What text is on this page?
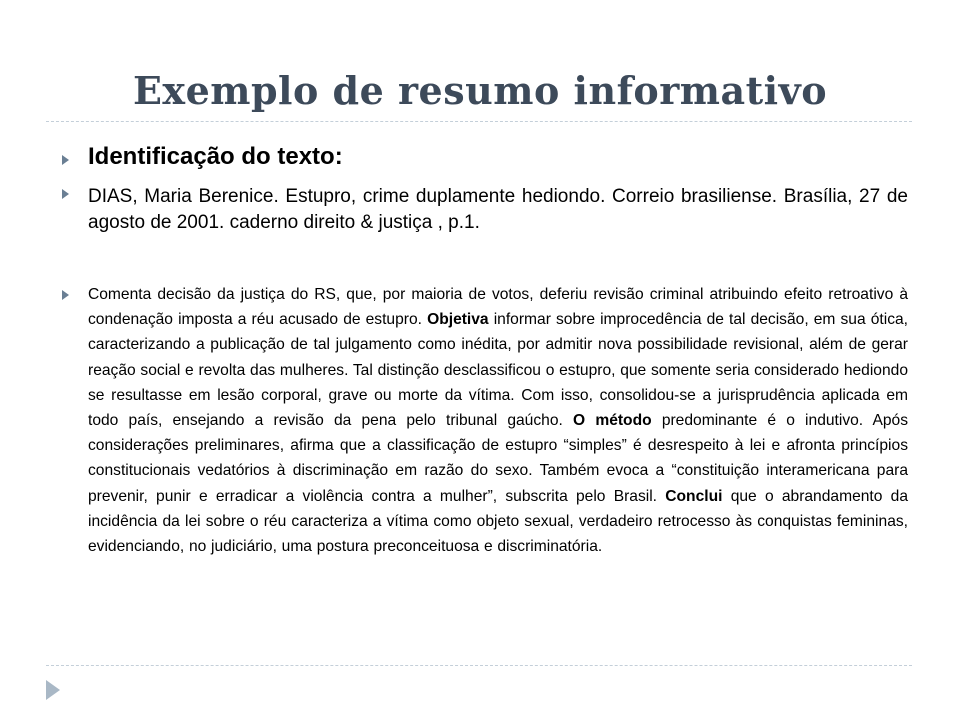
Exemplo de resumo informativo

Identificação do texto:

DIAS, Maria Berenice. Estupro, crime duplamente hediondo. Correio brasiliense. Brasília, 27 de agosto de 2001. caderno direito & justiça , p.1.

Comenta decisão da justiça do RS, que, por maioria de votos, deferiu revisão criminal atribuindo efeito retroativo à condenação imposta a réu acusado de estupro. Objetiva informar sobre improcedência de tal decisão, em sua ótica, caracterizando a publicação de tal julgamento como inédita, por admitir nova possibilidade revisional, além de gerar reação social e revolta das mulheres. Tal distinção desclassificou o estupro, que somente seria considerado hediondo se resultasse em lesão corporal, grave ou morte da vítima. Com isso, consolidou-se a jurisprudência aplicada em todo país, ensejando a revisão da pena pelo tribunal gaúcho. O método predominante é o indutivo. Após considerações preliminares, afirma que a classificação de estupro “simples” é desrespeito à lei e afronta princípios constitucionais vedatórios à discriminação em razão do sexo. Também evoca a “constituição interamericana para prevenir, punir e erradicar a violência contra a mulher”, subscrita pelo Brasil. Conclui que o abrandamento da incidência da lei sobre o réu caracteriza a vítima como objeto sexual, verdadeiro retrocesso às conquistas femininas, evidenciando, no judiciário, uma postura preconceituosa e discriminatória.
